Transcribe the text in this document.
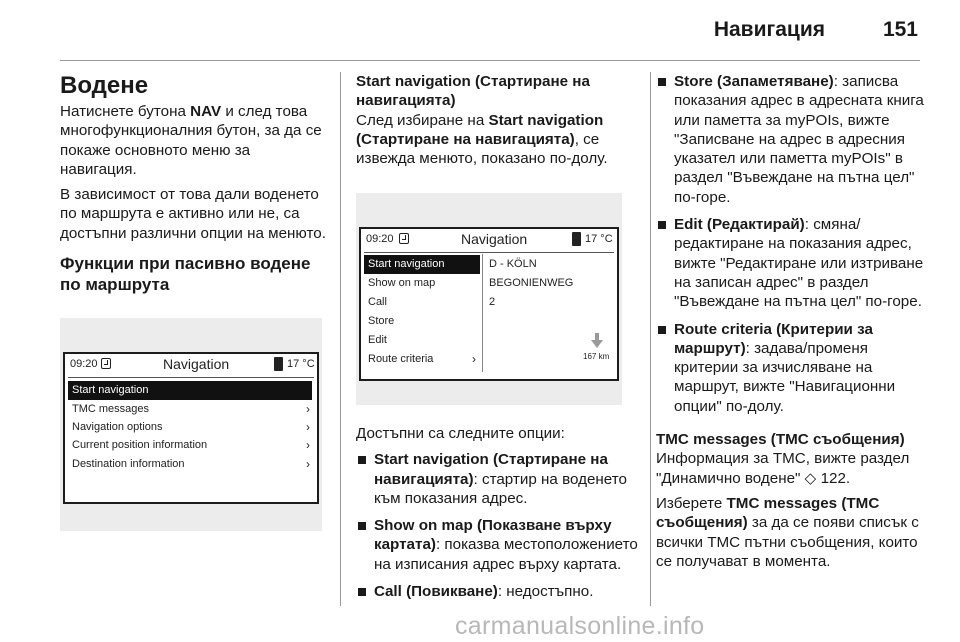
Навигация	151
Воденe

Натиснете бутона NAV и след това многофункционалния бутон, за да се покаже основното меню за навигация.

В зависимост от това дали воденето по маршрута е активно или не, са достъпни различни опции на менюто.

Функции при пасивно водене по маршрута
09:20	Navigation	17 °C
Start navigation
TMC messages	›
Navigation options	›
Current position information	›
Destination information	›
Start navigation (Стартиране на навигацията)

След избиране на Start navigation (Стартиране на навигацията), се извежда менюто, показано по-долу.

09:20	Navigation	17 °C
Start navigation
Show on map
Call
Store
Edit
Route criteria	›
D - KÖLN
BEGONIENWEG
2
167 km

Достъпни са следните опции:

Start navigation (Стартиране на навигацията): стартир на воденето към показания адрес.
Show on map (Показване върху картата): показва местоположението на изписания адрес върху картата.
Call (Повикване): недостъпно.
Store (Запаметяване): записва показания адрес в адресната книга или паметта за myPOIs, вижте "Записване на адрес в адресния указател или паметта myPOIs" в раздел "Въвеждане на пътна цел" по-горе.
Edit (Редактирай): смяна/ редактиране на показания адрес, вижте "Редактиране или изтриване на записан адрес" в раздел "Въвеждане на пътна цел" по-горе.
Route criteria (Критерии за маршрут): задава/променя критерии за изчисляване на маршрут, вижте "Навигационни опции" по-долу.
TMC messages (TMC съобщения)

Информация за TMC, вижте раздел "Динамично водене" ◇ 122.

Изберете TMC messages (TMC съобщения) за да се появи списък с всички TMC пътни съобщения, които се получават в момента.

carmanualsonline.info
